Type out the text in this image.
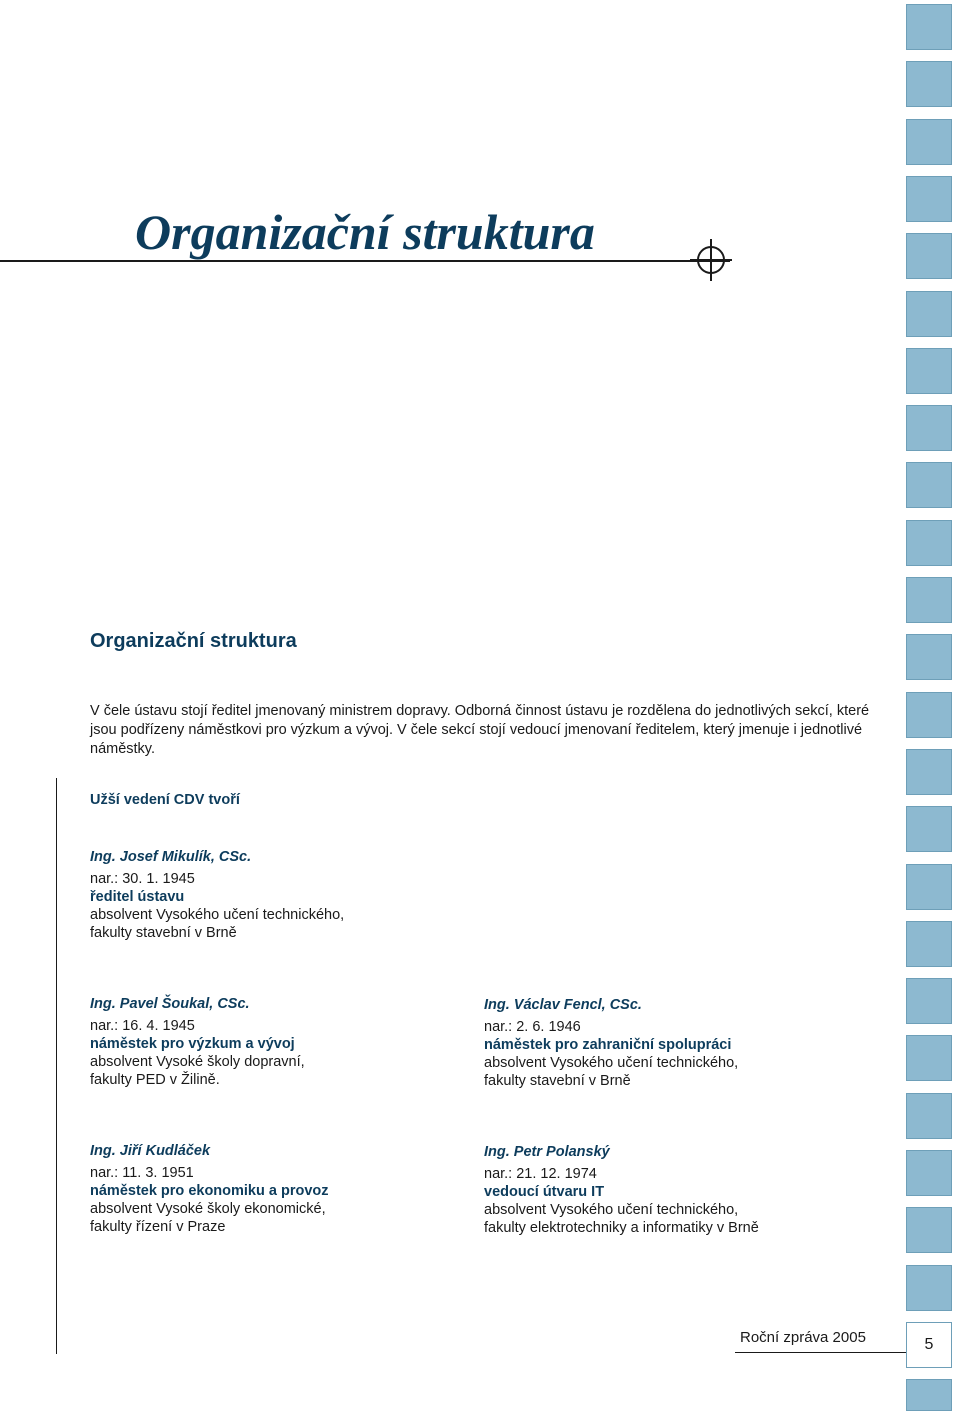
Organizační struktura
Organizační struktura

V čele ústavu stojí ředitel jmenovaný ministrem dopravy. Odborná činnost ústavu je rozdělena do jednotlivých sekcí, které jsou podřízeny náměstkovi pro výzkum a vývoj. V čele sekcí stojí vedoucí jmenovaní ředitelem, který jmenuje i jednotlivé náměstky.

Užší vedení CDV tvoří

Ing. Josef Mikulík, CSc.
nar.: 30. 1. 1945
ředitel ústavu
absolvent Vysokého učení technického,
fakulty stavební v Brně
Ing. Pavel Šoukal, CSc.
nar.: 16. 4. 1945
náměstek pro výzkum a vývoj
absolvent Vysoké školy dopravní,
fakulty PED v Žilině.
Ing. Václav Fencl, CSc.
nar.: 2. 6. 1946
náměstek pro zahraniční spolupráci
absolvent Vysokého učení technického,
fakulty stavební v Brně
Ing. Jiří Kudláček
nar.: 11. 3. 1951
náměstek pro ekonomiku a provoz
absolvent Vysoké školy ekonomické,
fakulty řízení v Praze
Ing. Petr Polanský
nar.: 21. 12. 1974
vedoucí útvaru IT
absolvent Vysokého učení technického,
fakulty elektrotechniky a informatiky v Brně
Roční zpráva 2005	5
